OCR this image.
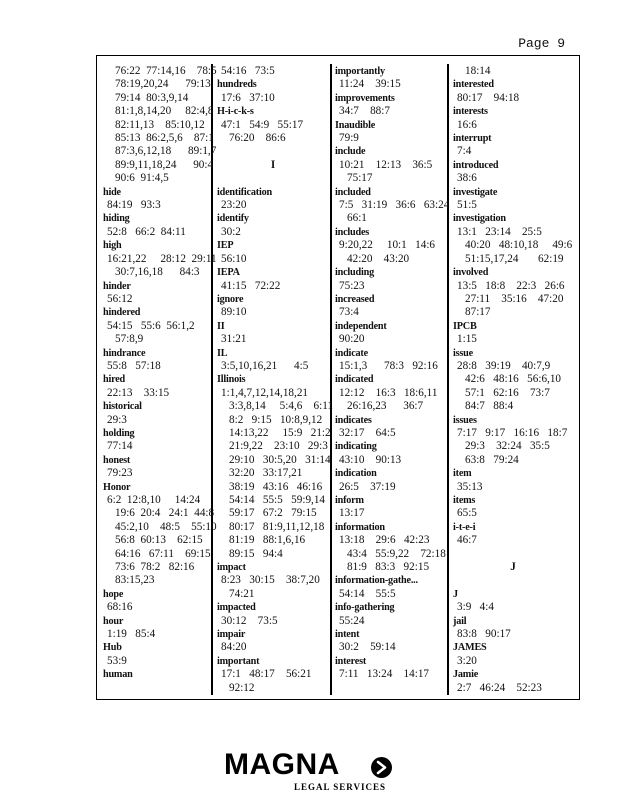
Page 9
76:22  77:14,16    78:5
78:19,20,24      79:13
79:14  80:3,9,14
81:1,8,14,20     82:4,8
82:11,13    85:10,12
85:13  86:2,5,6    87:1
87:3,6,12,18      89:1,7
89:9,11,18,24      90:4
90:6  91:4,5
hide
84:19   93:3
hiding
52:8   66:2  84:11
high
16:21,22     28:12  29:11
30:7,16,18      84:3
hinder
56:12
hindered
54:15   55:6  56:1,2
57:8,9
hindrance
55:8   57:18
hired
22:13    33:15
historical
29:3
holding
77:14
honest
79:23
Honor
6:2  12:8,10     14:24
19:6  20:4   24:1  44:8
45:2,10    48:5    55:10
56:8  60:13    62:15
64:16   67:11    69:15
73:6  78:2   82:16
83:15,23
hope
68:16
hour
1:19   85:4
Hub
53:9
human
54:16   73:5
hundreds
17:6   37:10
H-i-c-k-s
47:1   54:9   55:17
76:20    86:6
I
identification
23:20
identify
30:2
IEP
56:10
IEPA
41:15   72:22
ignore
89:10
II
31:21
IL
3:5,10,16,21      4:5
Illinois
1:1,4,7,12,14,18,21
3:3,8,14     5:4,6    6:11
8:2   9:15   10:8,9,12
14:13,22     15:9   21:2
21:9,22    23:10   29:3
29:10   30:5,20   31:14
32:20   33:17,21
38:19   43:16   46:16
54:14   55:5   59:9,14
59:17   67:2   79:15
80:17   81:9,11,12,18
81:19   88:1,6,16
89:15   94:4
impact
8:23   30:15    38:7,20
74:21
impacted
30:12    73:5
impair
84:20
important
17:1   48:17    56:21
92:12
importantly
11:24    39:15
improvements
34:7    88:7
Inaudible
79:9
include
10:21    12:13    36:5
75:17
included
7:5   31:19   36:6   63:24
66:1
includes
9:20,22     10:1   14:6
42:20    43:20
including
75:23
increased
73:4
independent
90:20
indicate
15:1,3      78:3   92:16
indicated
12:12    16:3   18:6,11
26:16,23      36:7
indicates
32:17    64:5
indicating
43:10    90:13
indication
26:5    37:19
inform
13:17
information
13:18    29:6   42:23
43:4   55:9,22    72:18
81:9   83:3   92:15
information-gathe...
54:14    55:5
info-gathering
55:24
intent
30:2    59:14
interest
7:11   13:24    14:17
18:14
interested
80:17    94:18
interests
16:6
interrupt
7:4
introduced
38:6
investigate
51:5
investigation
13:1   23:14    25:5
40:20   48:10,18     49:6
51:15,17,24       62:19
involved
13:5   18:8    22:3   26:6
27:11    35:16    47:20
87:17
IPCB
1:15
issue
28:8   39:19    40:7,9
42:6   48:16   56:6,10
57:1   62:16    73:7
84:7   88:4
issues
7:17   9:17   16:16   18:7
29:3    32:24   35:5
63:8   79:24
item
35:13
items
65:5
i-t-e-i
46:7
J
J
3:9   4:4
jail
83:8   90:17
JAMES
3:20
Jamie
2:7   46:24    52:23
MAGNA
LEGAL SERVICES
